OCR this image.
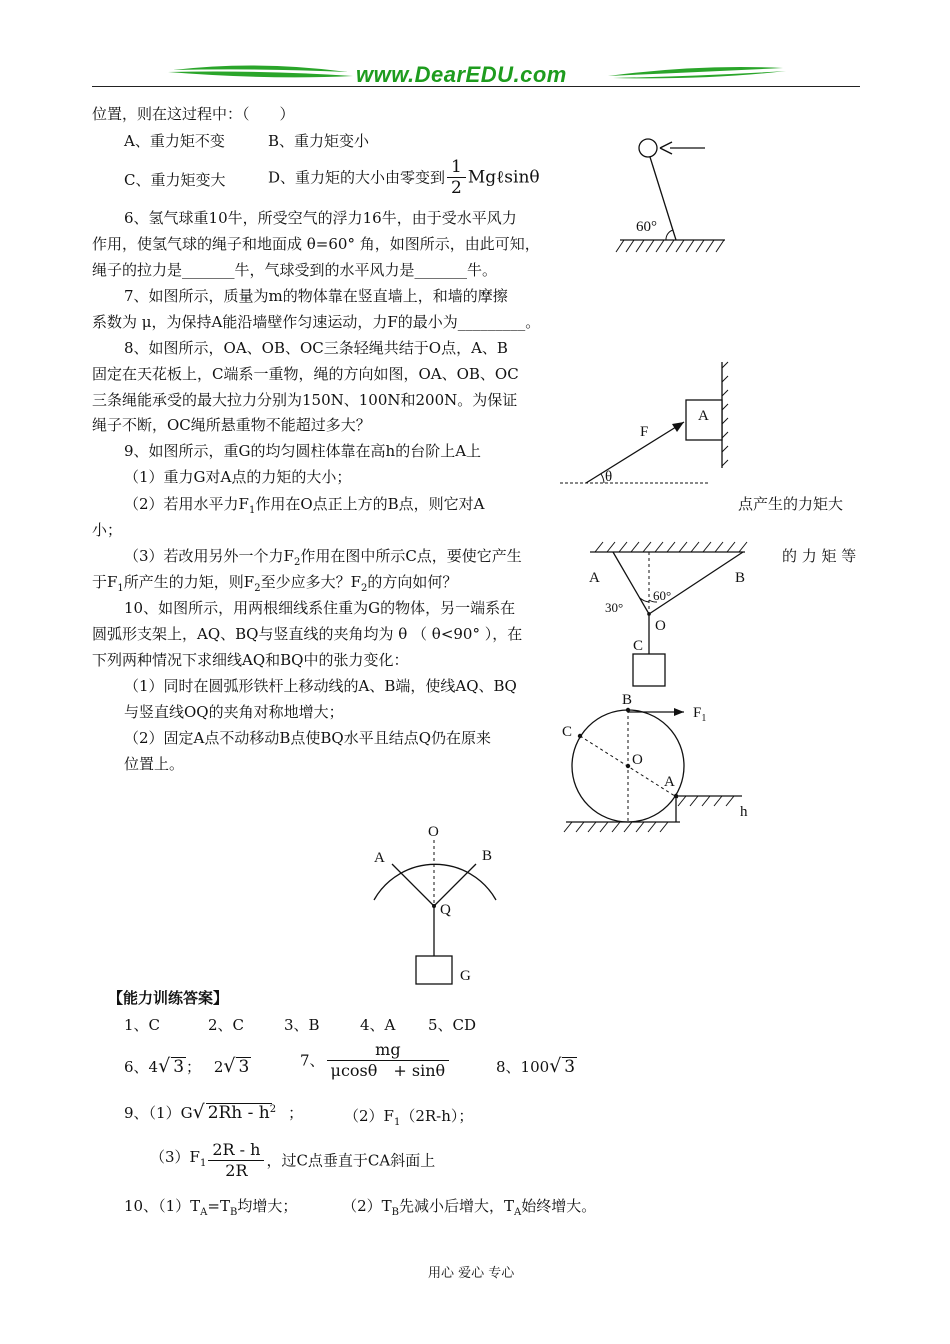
www.DearEDU.com
位置，则在这过程中：（　　）
A、重力矩不变	B、重力矩变小
C、重力矩变大	D、重力矩的大小由零变到 $\frac{1}{2}$ Mgℓsinθ
6、氢气球重10牛，所受空气的浮力16牛，由于受水平风力
作用，使氢气球的绳子和地面成 θ=60° 角，如图所示，由此可知，
绳子的拉力是_______牛，气球受到的水平风力是_______牛。
7、如图所示，质量为m的物体靠在竖直墙上，和墙的摩擦
系数为 μ，为保持A能沿墙壁作匀速运动，力F的最小为_________。
8、如图所示，OA、OB、OC三条轻绳共结于O点，A、B
固定在天花板上，C端系一重物，绳的方向如图，OA、OB、OC
三条绳能承受的最大拉力分别为150N、100N和200N。为保证
绳子不断，OC绳所悬重物不能超过多大？
9、如图所示，重G的均匀圆柱体靠在高h的台阶上A上
（1）重力G对A点的力矩的大小；
（2）若用水平力$F_1$作用在O点正上方的B点，则它对A	点产生的力矩大
小；
（3）若改用另外一个力$F_2$作用在图中所示C点，要使它产生	的 力 矩 等
于$F_1$所产生的力矩，则$F_2$至少应多大？$F_2$的方向如何？
10、如图所示，用两根细线系住重为G的物体，另一端系在
圆弧形支架上，AQ、BQ与竖直线的夹角均为 θ （ θ<90° ），在
下列两种情况下求细线AQ和BQ中的张力变化：
（1）同时在圆弧形铁杆上移动线的A、B端，使线AQ、BQ
与竖直线OQ的夹角对称地增大；
（2）固定A点不动移动B点使BQ水平且结点Q仍在原来
位置上。
60°
A
F
θ
A	B
O
C
30°
60°
B
$F_1$
C
O
A
h
O
A	B
Q
G
【能力训练答案】
1、C	2、C	3、B	4、A 5、CD
6、4√ 3 ； 2√ 3	7、 $\frac{mg}{\mu\cos\theta + \sin\theta}$	8、100√ 3
9、（1）G√ $2Rh - h^2$ ；	$(2)F_1(2R-h)$；
$(3)F_1 \frac{2R - h}{2R}$ ，过C点垂直于CA斜面上
10、$(1)T_A=T_B$均增大；	$(2)T_B$先减小后增大，$T_A$始终增大。
用心 爱心 专心
